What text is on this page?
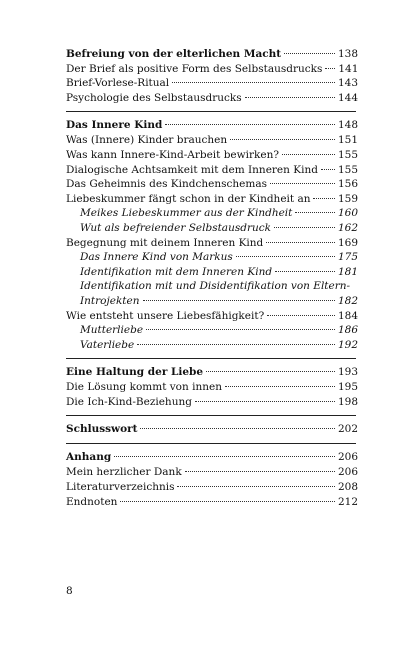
Befreiung von der elterlichen Macht	138
Der Brief als positive Form des Selbstausdrucks 141
Brief-Vorlese-Ritual	143
Psychologie des Selbstausdrucks	144
Das Innere Kind	148
Was (Innere) Kinder brauchen	151
Was kann Innere-Kind-Arbeit bewirken?	155
Dialogische Achtsamkeit mit dem Inneren Kind 155
Das Geheimnis des Kindchenschemas	156
Liebeskummer fängt schon in der Kindheit an	159
Meikes Liebeskummer aus der Kindheit	160
Wut als befreiender Selbstausdruck	162
Begegnung mit deinem Inneren Kind	169
Das Innere Kind von Markus	175
Identifikation mit dem Inneren Kind	181
Identifikation mit und Disidentifikation von Eltern-
Introjekten	182
Wie entsteht unsere Liebesfähigkeit?	184
Mutterliebe	186
Vaterliebe	192
Eine Haltung der Liebe	193
Die Lösung kommt von innen	195
Die Ich-Kind-Beziehung	198
Schlusswort	202
Anhang	206
Mein herzlicher Dank	206
Literaturverzeichnis	208
Endnoten	212
8
